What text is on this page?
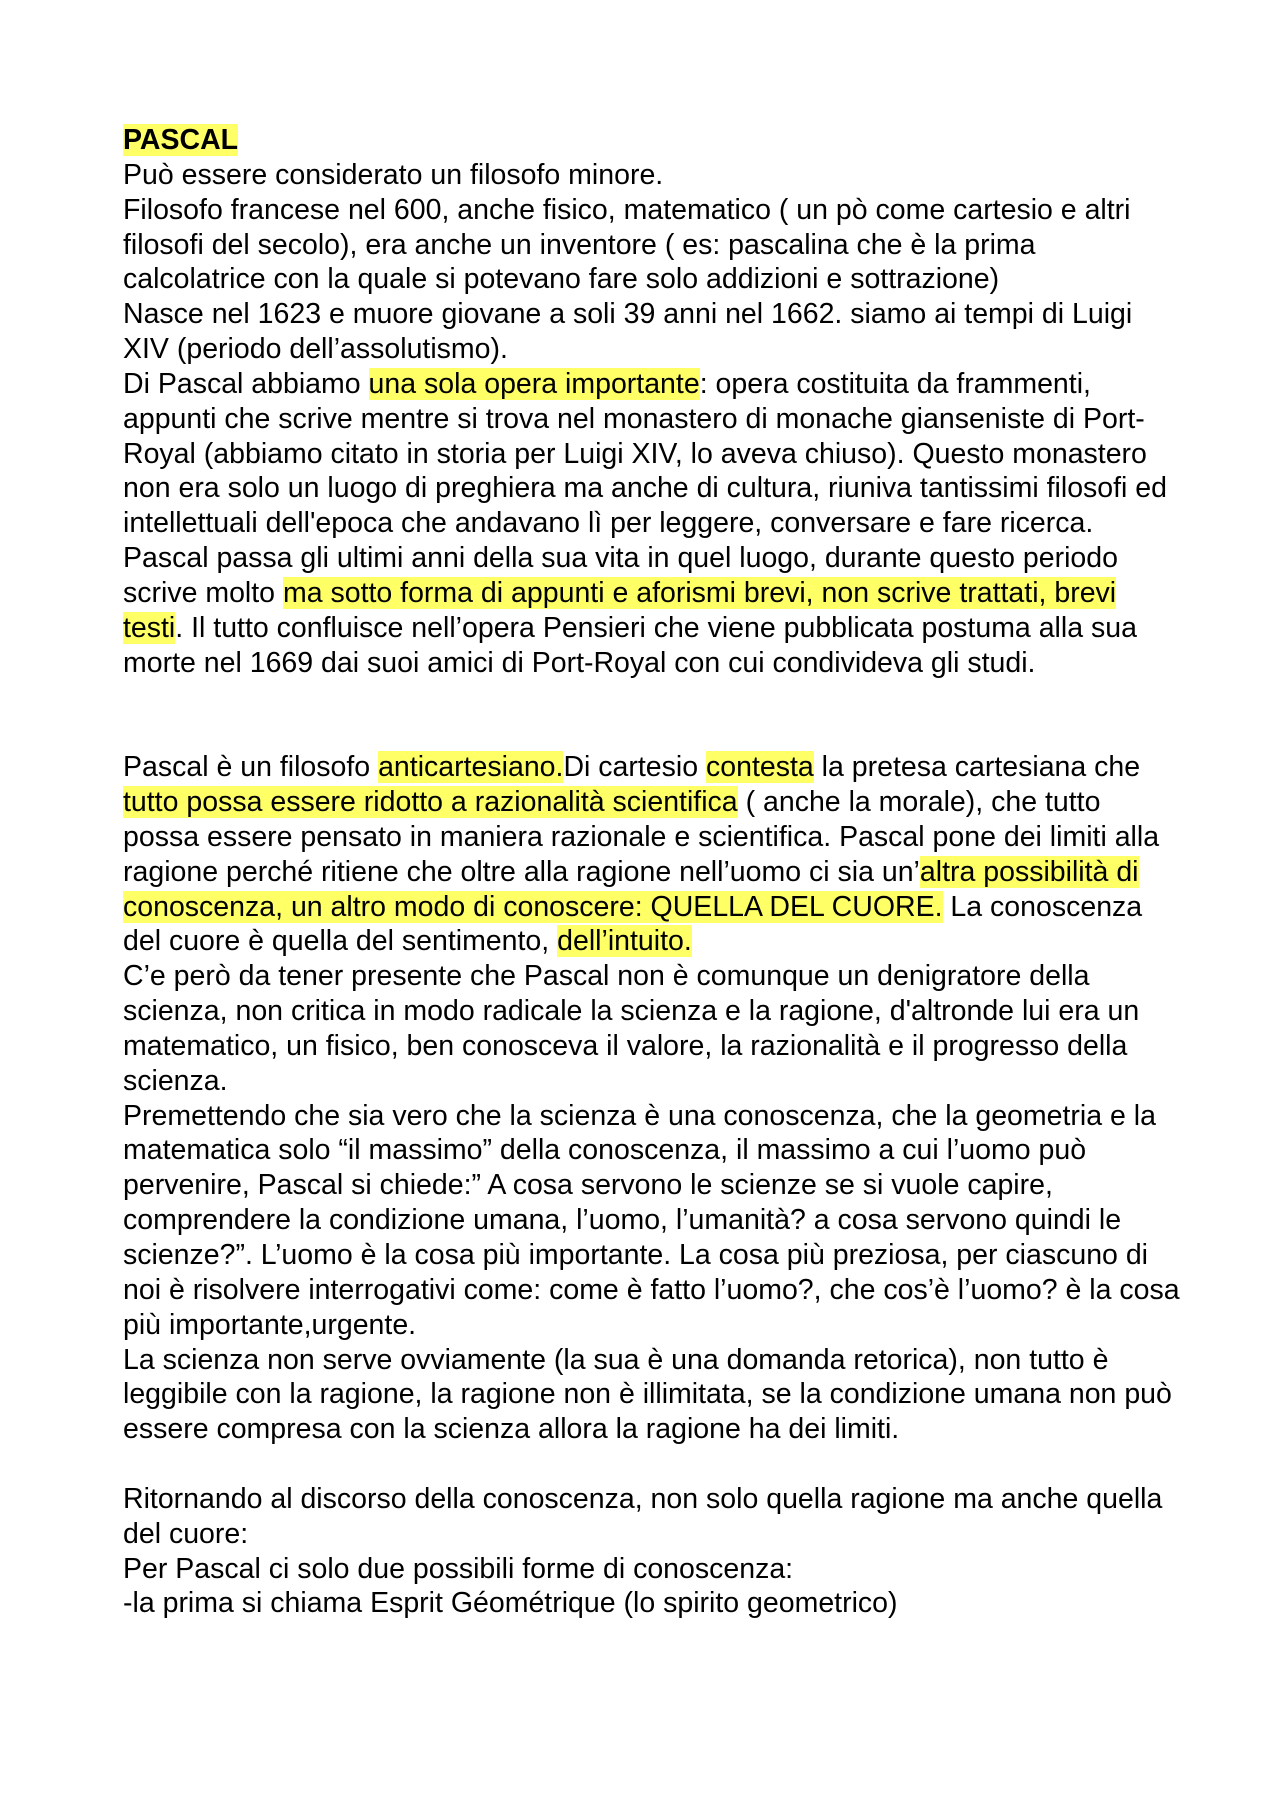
PASCAL
Può essere considerato un filosofo minore.
Filosofo francese nel 600, anche fisico, matematico ( un pò come cartesio e altri filosofi del secolo), era anche un inventore ( es: pascalina che è la prima calcolatrice con la quale si potevano fare solo addizioni e sottrazione)
Nasce nel 1623 e muore giovane a soli 39 anni nel 1662. siamo ai tempi di Luigi XIV (periodo dell’assolutismo).
Di Pascal abbiamo una sola opera importante: opera costituita da frammenti, appunti che scrive mentre si trova nel monastero di monache gianseniste di Port-Royal (abbiamo citato in storia per Luigi XIV, lo aveva chiuso). Questo monastero non era solo un luogo di preghiera ma anche di cultura, riuniva tantissimi filosofi ed intellettuali dell'epoca che andavano lì per leggere, conversare e fare ricerca. Pascal passa gli ultimi anni della sua vita in quel luogo, durante questo periodo scrive molto ma sotto forma di appunti e aforismi brevi, non scrive trattati, brevi testi. Il tutto confluisce nell’opera Pensieri che viene pubblicata postuma alla sua morte nel 1669 dai suoi amici di Port-Royal con cui condivideva gli studi.
Pascal è un filosofo anticartesiano.Di cartesio contesta la pretesa cartesiana che tutto possa essere ridotto a razionalità scientifica ( anche la morale), che tutto possa essere pensato in maniera razionale e scientifica. Pascal pone dei limiti alla ragione perché ritiene che oltre alla ragione nell’uomo ci sia un’altra possibilità di conoscenza, un altro modo di conoscere: QUELLA DEL CUORE. La conoscenza del cuore è quella del sentimento, dell’intuito.
C’e però da tener presente che Pascal non è comunque un denigratore della scienza, non critica in modo radicale la scienza e la ragione, d'altronde lui era un matematico, un fisico, ben conosceva il valore, la razionalità e il progresso della scienza.
Premettendo che sia vero che la scienza è una conoscenza, che la geometria e la matematica solo “il massimo” della conoscenza, il massimo a cui l’uomo può pervenire, Pascal si chiede:” A cosa servono le scienze se si vuole capire, comprendere la condizione umana, l’uomo, l’umanità? a cosa servono quindi le scienze?”. L’uomo è la cosa più importante. La cosa più preziosa, per ciascuno di noi è risolvere interrogativi come: come è fatto l’uomo?, che cos’è l’uomo? è la cosa più importante,urgente.
La scienza non serve ovviamente (la sua è una domanda retorica), non tutto è leggibile con la ragione, la ragione non è illimitata, se la condizione umana non può essere compresa con la scienza allora la ragione ha dei limiti.
Ritornando al discorso della conoscenza, non solo quella ragione ma anche quella del cuore:
Per Pascal ci solo due possibili forme di conoscenza:
-la prima si chiama Esprit Géométrique (lo spirito geometrico)
